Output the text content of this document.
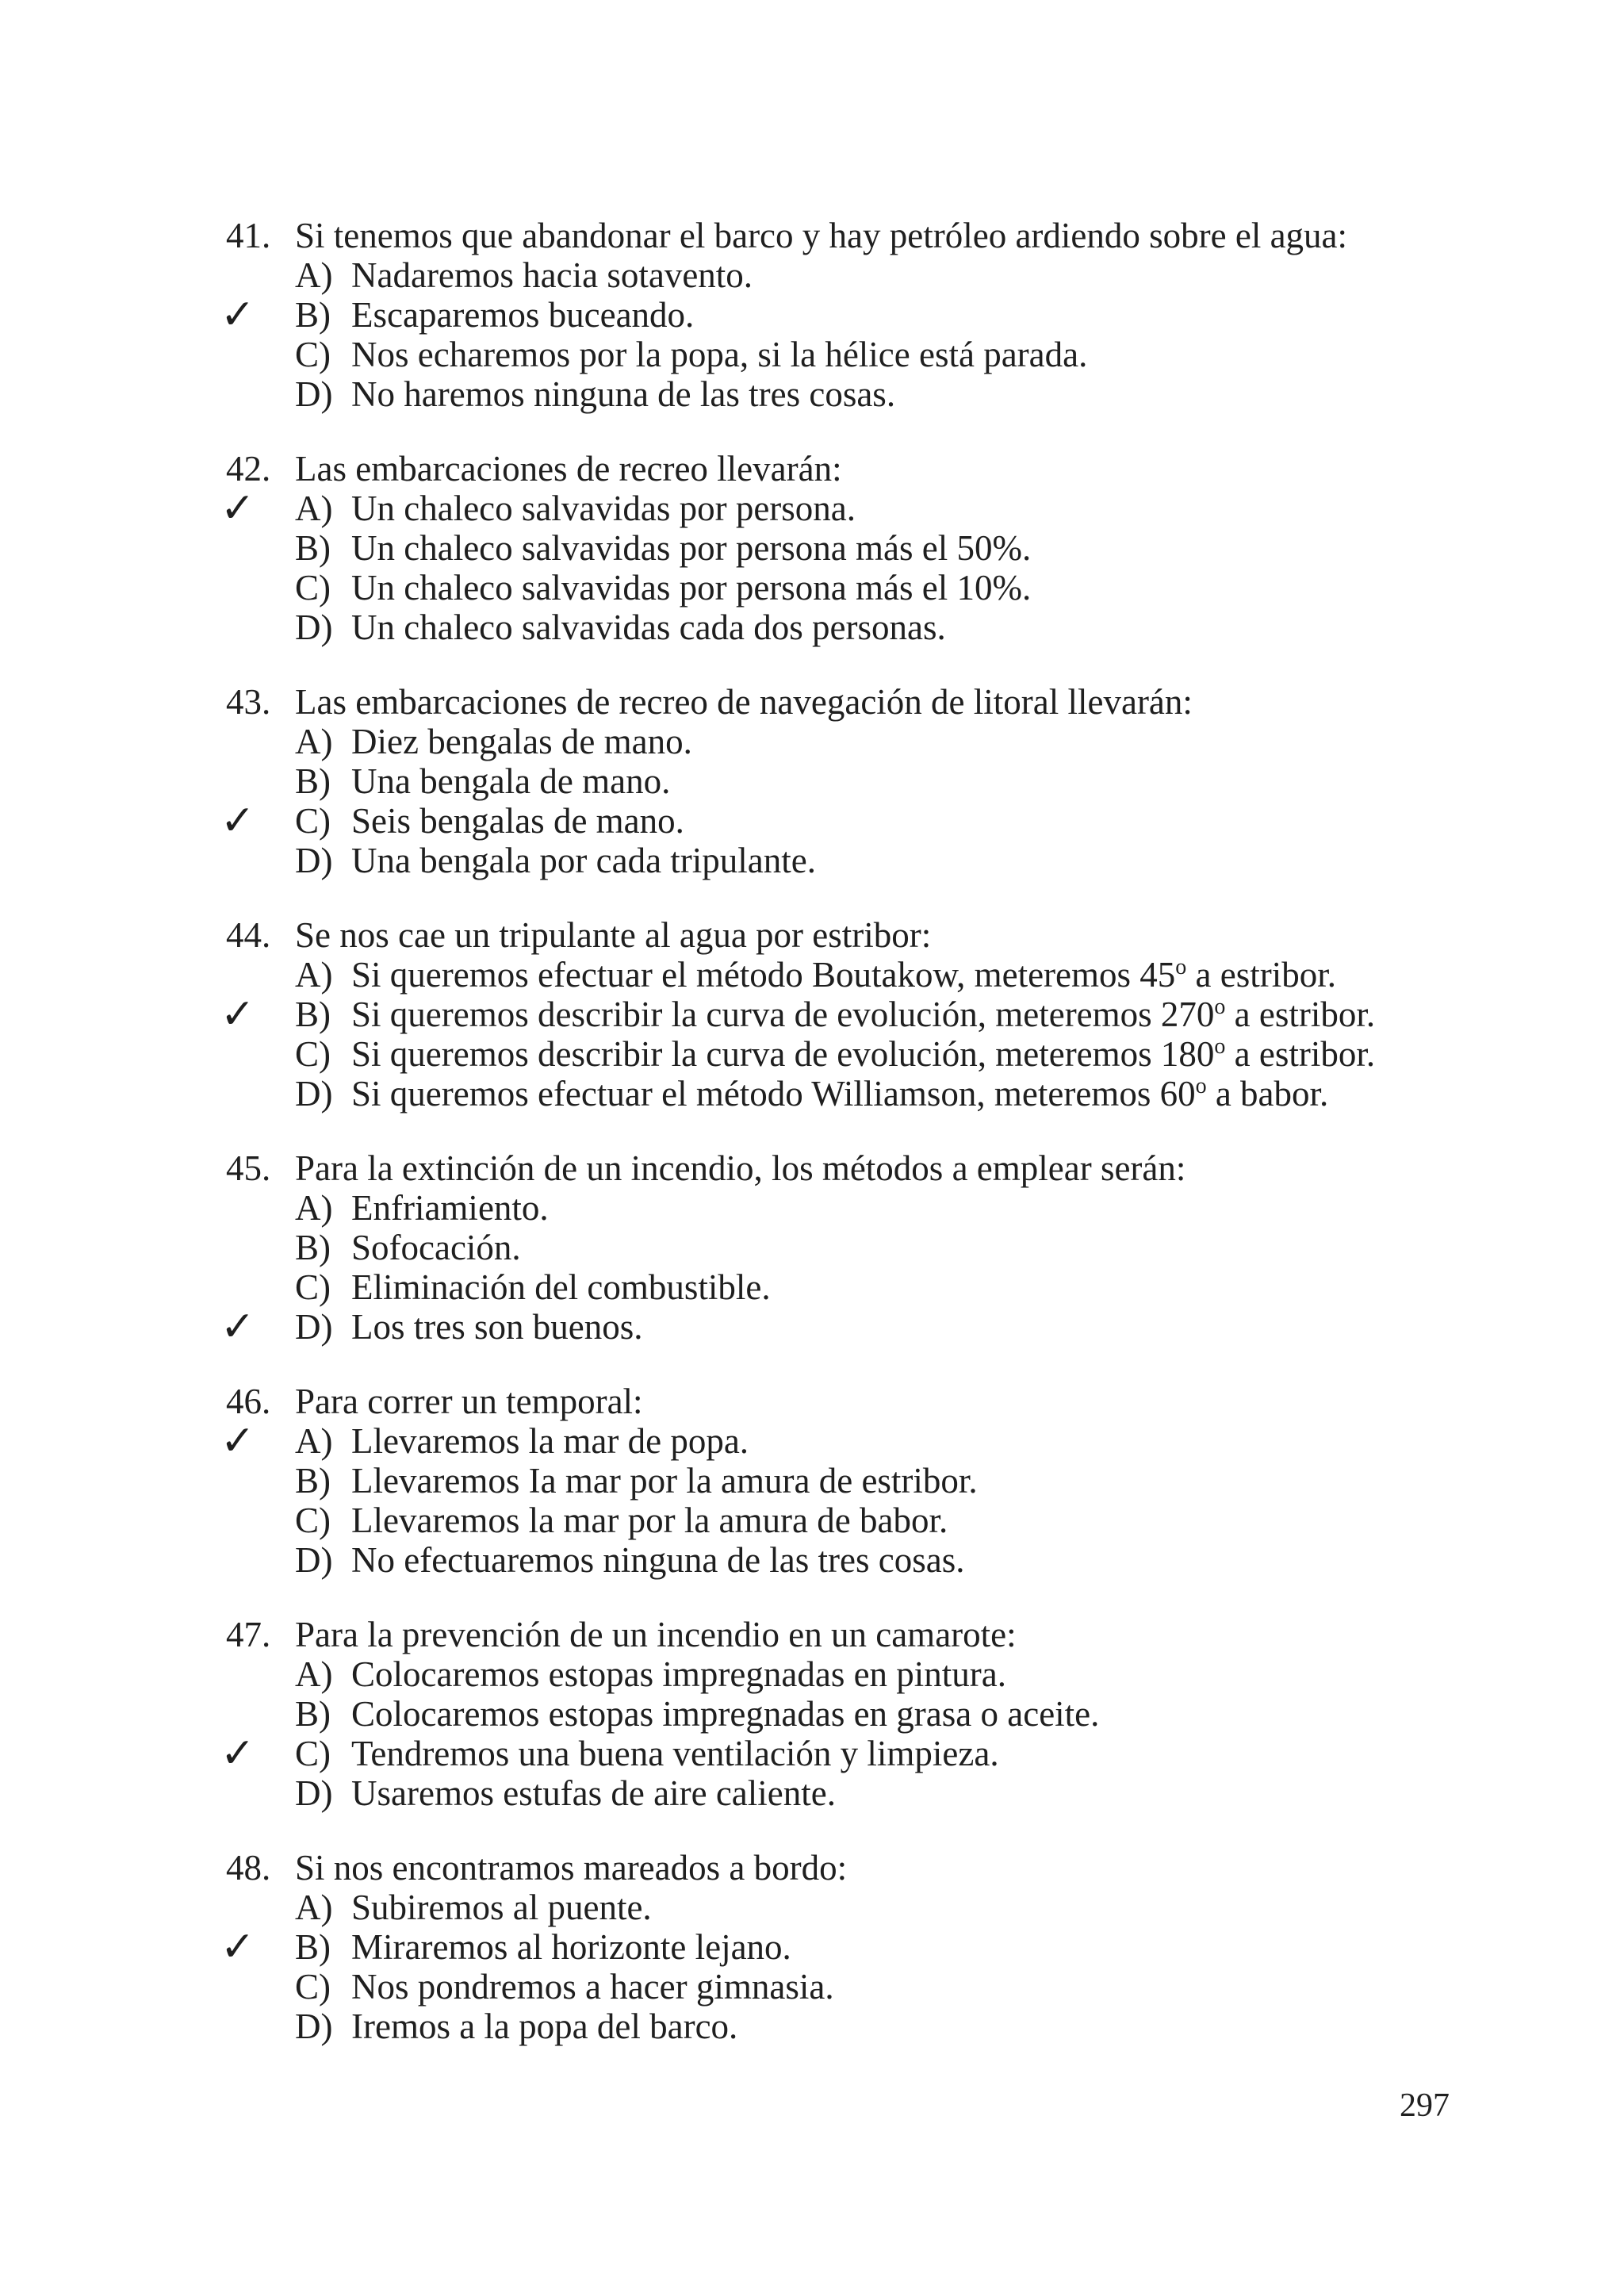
41. Si tenemos que abandonar el barco y hay petróleo ardiendo sobre el agua:
A) Nadaremos hacia sotavento.
✓ B) Escaparemos buceando.
C) Nos echaremos por la popa, si la hélice está parada.
D) No haremos ninguna de las tres cosas.
42. Las embarcaciones de recreo llevarán:
✓ A) Un chaleco salvavidas por persona.
B) Un chaleco salvavidas por persona más el 50%.
C) Un chaleco salvavidas por persona más el 10%.
D) Un chaleco salvavidas cada dos personas.
43. Las embarcaciones de recreo de navegación de litoral llevarán:
A) Diez bengalas de mano.
B) Una bengala de mano.
✓ C) Seis bengalas de mano.
D) Una bengala por cada tripulante.
44. Se nos cae un tripulante al agua por estribor:
A) Si queremos efectuar el método Boutakow, meteremos 45$^o$ a estribor.
✓ B) Si queremos describir la curva de evolución, meteremos 270$^o$ a estribor.
C) Si queremos describir la curva de evolución, meteremos 180$^o$ a estribor.
D) Si queremos efectuar el método Williamson, meteremos 60$^o$ a babor.
45. Para la extinción de un incendio, los métodos a emplear serán:
A) Enfriamiento.
B) Sofocación.
C) Eliminación del combustible.
✓ D) Los tres son buenos.
46. Para correr un temporal:
✓ A) Llevaremos la mar de popa.
B) Llevaremos Ia mar por la amura de estribor.
C) Llevaremos la mar por la amura de babor.
D) No efectuaremos ninguna de las tres cosas.
47. Para la prevención de un incendio en un camarote:
A) Colocaremos estopas impregnadas en pintura.
B) Colocaremos estopas impregnadas en grasa o aceite.
✓ C) Tendremos una buena ventilación y limpieza.
D) Usaremos estufas de aire caliente.
48. Si nos encontramos mareados a bordo:
A) Subiremos al puente.
✓ B) Miraremos al horizonte lejano.
C) Nos pondremos a hacer gimnasia.
D) Iremos a la popa del barco.
297
